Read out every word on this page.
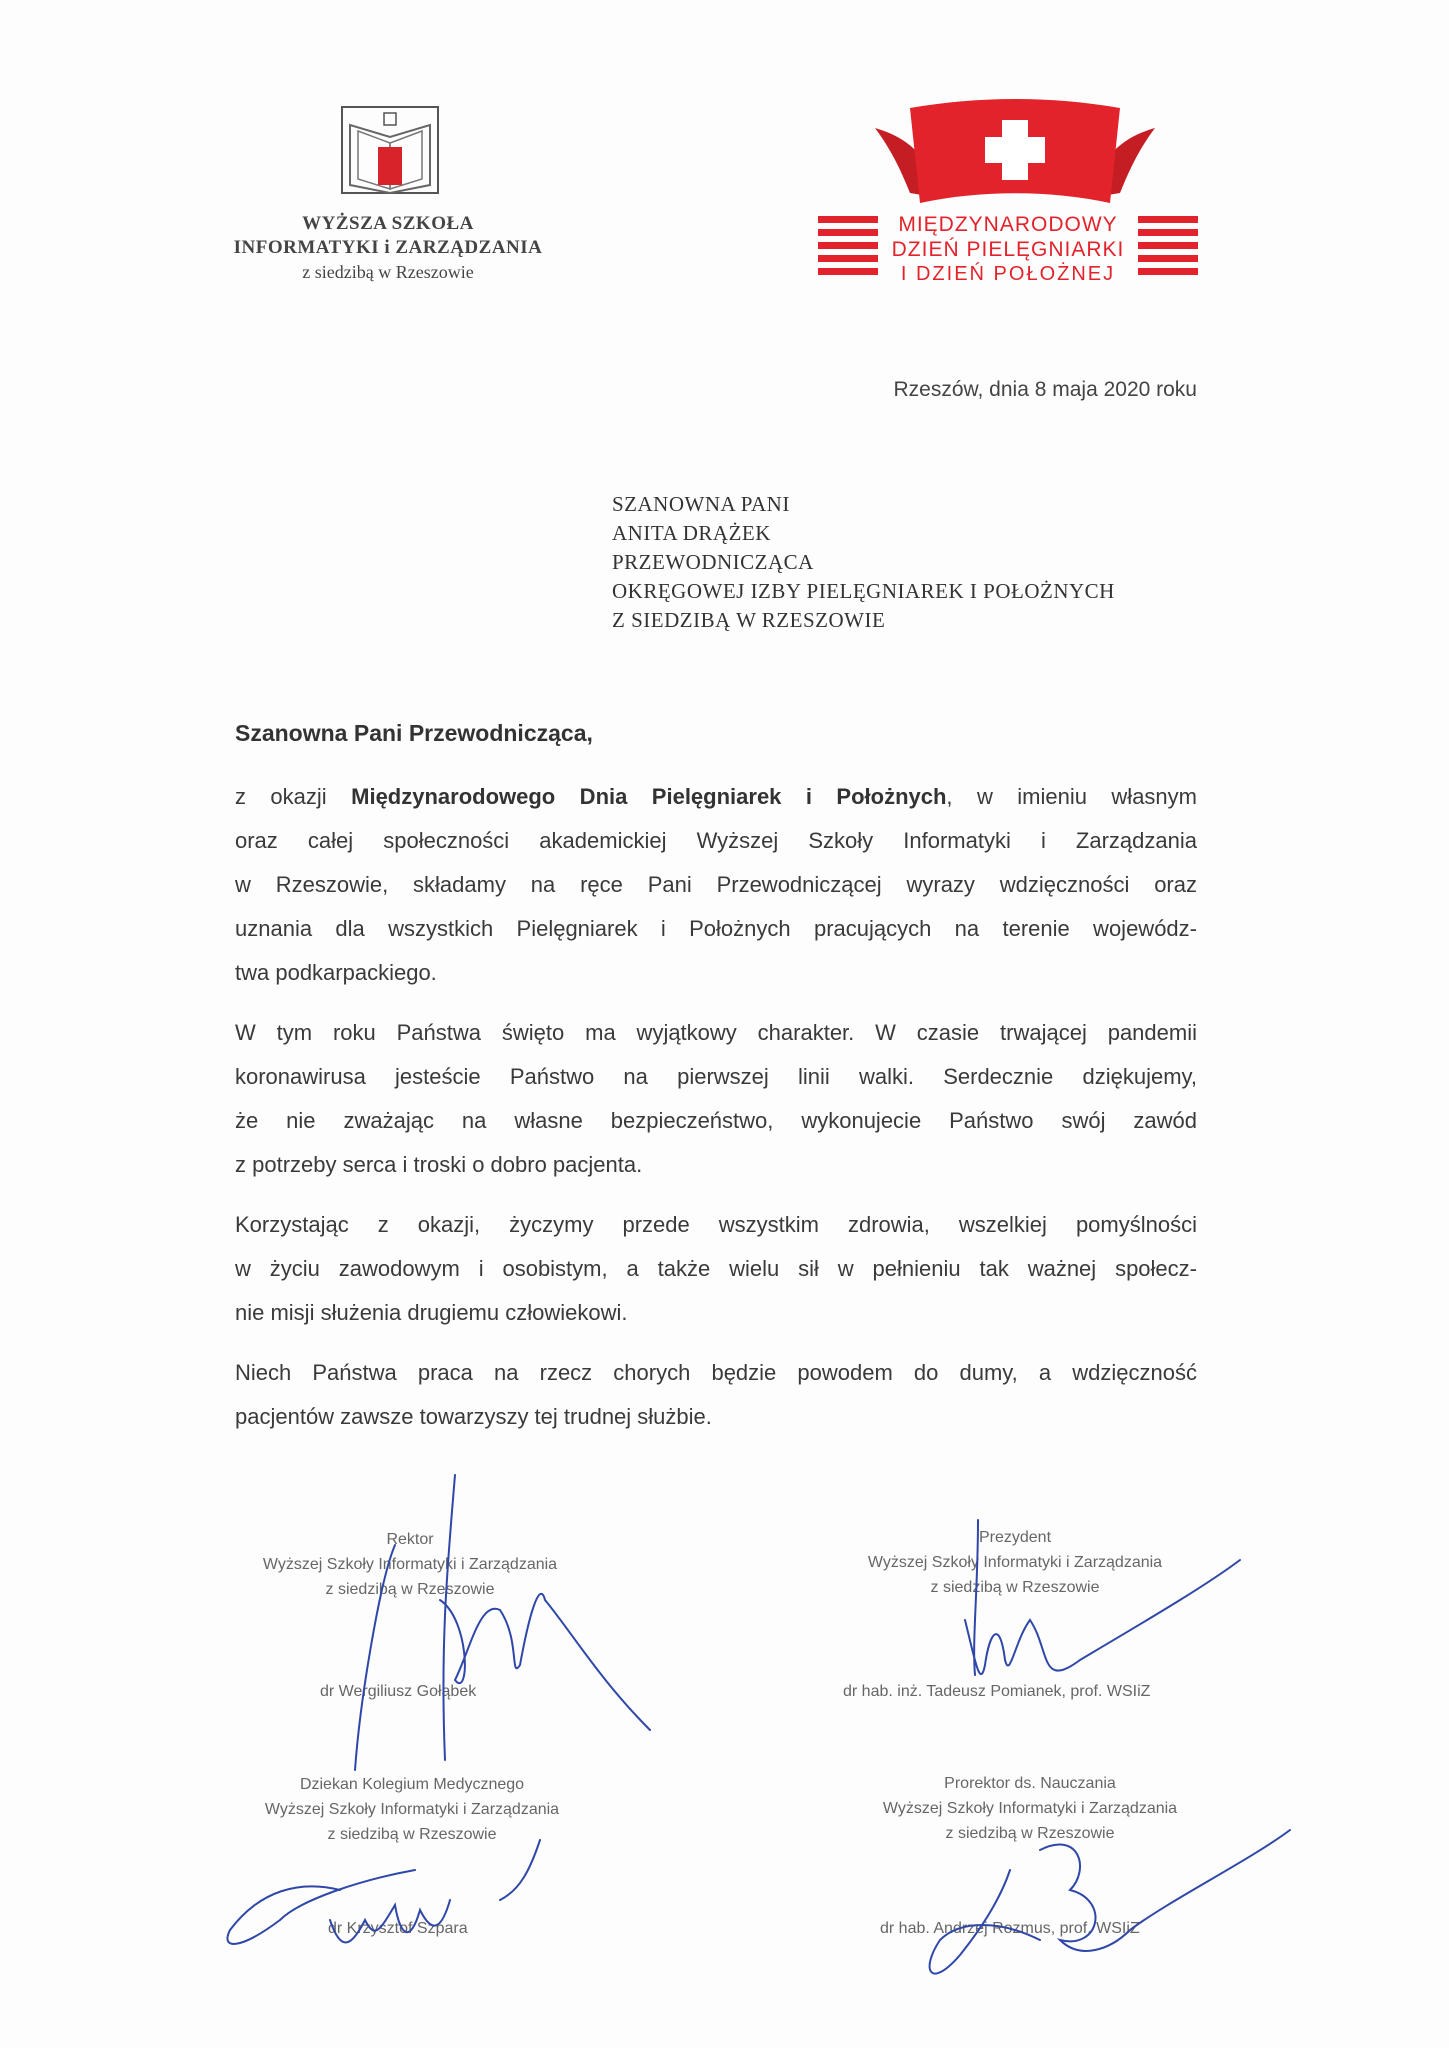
WYŻSZA SZKOŁA
INFORMATYKI i ZARZĄDZANIA
z siedzibą w Rzeszowie
MIĘDZYNARODOWY
DZIEŃ PIELĘGNIARKI
I DZIEŃ POŁOŻNEJ
Rzeszów, dnia 8 maja 2020 roku
SZANOWNA PANI
ANITA DRĄŻEK
PRZEWODNICZĄCA
OKRĘGOWEJ IZBY PIELĘGNIAREK I POŁOŻNYCH
Z SIEDZIBĄ W RZESZOWIE
Szanowna Pani Przewodnicząca,

z okazji Międzynarodowego Dnia Pielęgniarek i Położnych, w imieniu własnym
oraz całej społeczności akademickiej Wyższej Szkoły Informatyki i Zarządzania
w Rzeszowie, składamy na ręce Pani Przewodniczącej wyrazy wdzięczności oraz
uznania dla wszystkich Pielęgniarek i Położnych pracujących na terenie wojewódz-
twa podkarpackiego.

W tym roku Państwa święto ma wyjątkowy charakter. W czasie trwającej pandemii
koronawirusa jesteście Państwo na pierwszej linii walki. Serdecznie dziękujemy,
że nie zważając na własne bezpieczeństwo, wykonujecie Państwo swój zawód
z potrzeby serca i troski o dobro pacjenta.

Korzystając z okazji, życzymy przede wszystkim zdrowia, wszelkiej pomyślności
w życiu zawodowym i osobistym, a także wielu sił w pełnieniu tak ważnej społecz-
nie misji służenia drugiemu człowiekowi.

Niech Państwa praca na rzecz chorych będzie powodem do dumy, a wdzięczność
pacjentów zawsze towarzyszy tej trudnej służbie.

Rektor
Wyższej Szkoły Informatyki i Zarządzania
z siedzibą w Rzeszowie
dr Wergiliusz Gołąbek
Prezydent
Wyższej Szkoły Informatyki i Zarządzania
z siedzibą w Rzeszowie
dr hab. inż. Tadeusz Pomianek, prof. WSIiZ
Dziekan Kolegium Medycznego
Wyższej Szkoły Informatyki i Zarządzania
z siedzibą w Rzeszowie
dr Krzysztof Szpara
Prorektor ds. Nauczania
Wyższej Szkoły Informatyki i Zarządzania
z siedzibą w Rzeszowie
dr hab. Andrzej Rozmus, prof. WSIiZ
